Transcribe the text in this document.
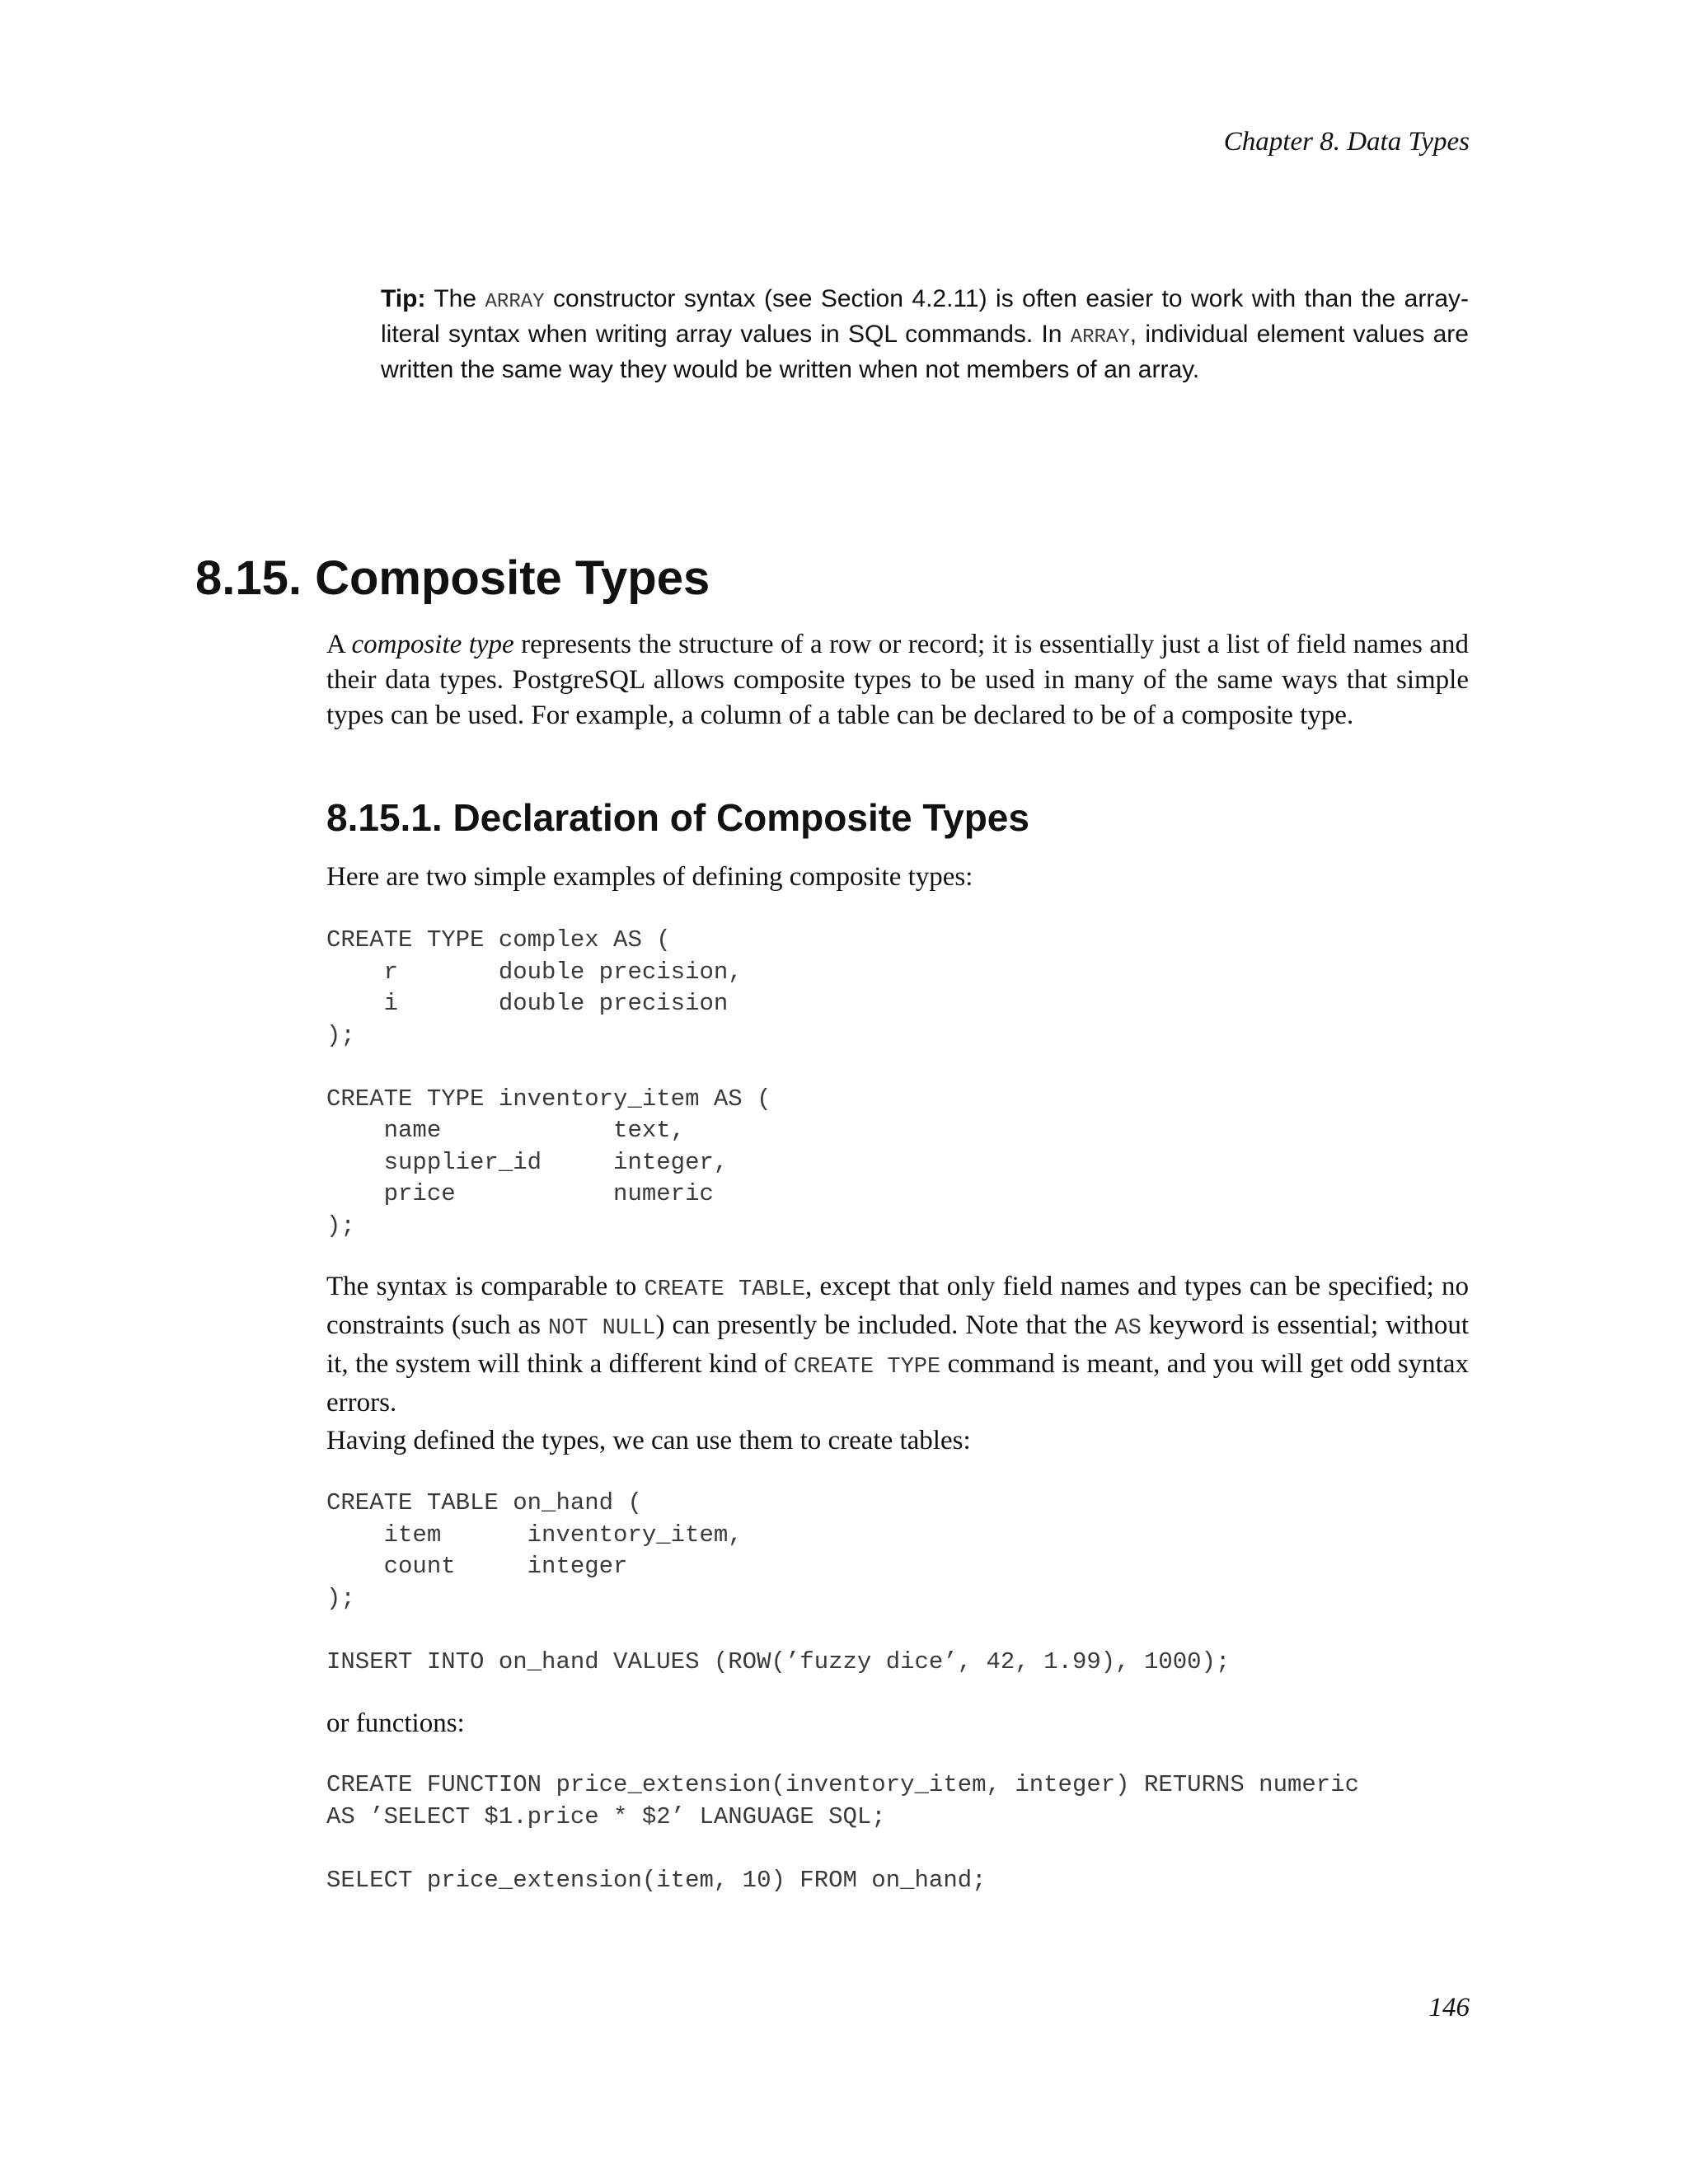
Chapter 8. Data Types
Tip: The ARRAY constructor syntax (see Section 4.2.11) is often easier to work with than the array-literal syntax when writing array values in SQL commands. In ARRAY, individual element values are written the same way they would be written when not members of an array.
8.15. Composite Types

A composite type represents the structure of a row or record; it is essentially just a list of field names and their data types. PostgreSQL allows composite types to be used in many of the same ways that simple types can be used. For example, a column of a table can be declared to be of a composite type.

8.15.1. Declaration of Composite Types

Here are two simple examples of defining composite types:

CREATE TYPE complex AS (
r       double precision,
i       double precision
);

CREATE TYPE inventory_item AS (
name            text,
supplier_id     integer,
price           numeric
);

The syntax is comparable to CREATE TABLE, except that only field names and types can be specified; no constraints (such as NOT NULL) can presently be included. Note that the AS keyword is essential; without it, the system will think a different kind of CREATE TYPE command is meant, and you will get odd syntax errors.

Having defined the types, we can use them to create tables:

CREATE TABLE on_hand (
item      inventory_item,
count     integer
);

INSERT INTO on_hand VALUES (ROW(’fuzzy dice’, 42, 1.99), 1000);

or functions:

CREATE FUNCTION price_extension(inventory_item, integer) RETURNS numeric
AS ’SELECT $1.price * $2’ LANGUAGE SQL;

SELECT price_extension(item, 10) FROM on_hand;
146
